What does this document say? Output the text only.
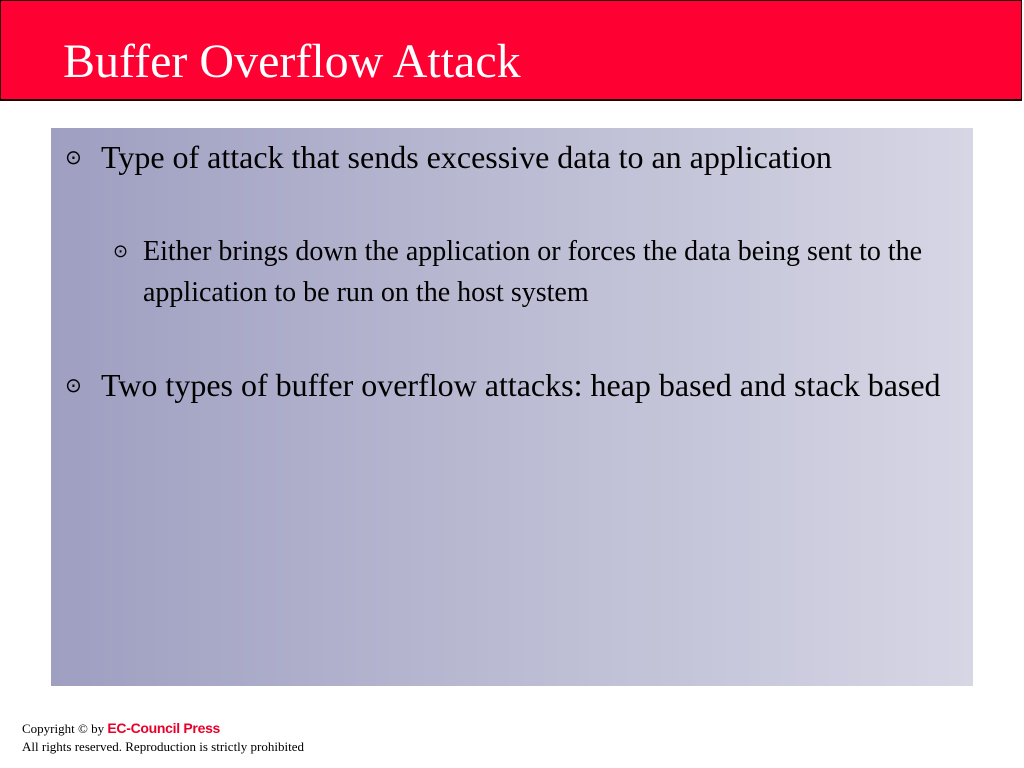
Buffer Overflow Attack
⊙ Type of attack that sends excessive data to an application
⊙ Either brings down the application or forces the data being sent to the application to be run on the host system
⊙ Two types of buffer overflow attacks: heap based and stack based
Copyright © by EC-Council Press
All rights reserved. Reproduction is strictly prohibited
